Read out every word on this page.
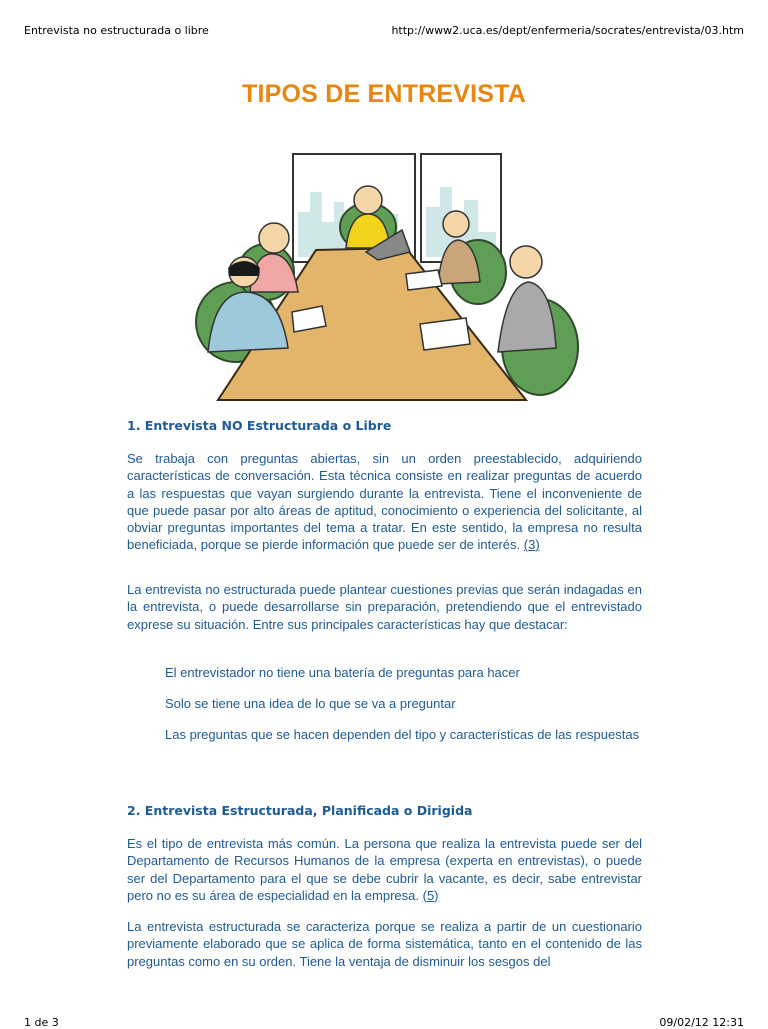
Entrevista no estructurada o libre	http://www2.uca.es/dept/enfermeria/socrates/entrevista/03.htm
TIPOS DE ENTREVISTA
1. Entrevista NO Estructurada o Libre

Se trabaja con preguntas abiertas, sin un orden preestablecido, adquiriendo características de conversación. Esta técnica consiste en realizar preguntas de acuerdo a las respuestas que vayan surgiendo durante la entrevista. Tiene el inconveniente de que puede pasar por alto áreas de aptitud, conocimiento o experiencia del solicitante, al obviar preguntas importantes del tema a tratar. En este sentido, la empresa no resulta beneficiada, porque se pierde información que puede ser de interés. (3)

La entrevista no estructurada puede plantear cuestiones previas que serán indagadas en la entrevista, o puede desarrollarse sin preparación, pretendiendo que el entrevistado exprese su situación. Entre sus principales características hay que destacar:

El entrevistador no tiene una batería de preguntas para hacer

Solo se tiene una idea de lo que se va a preguntar

Las preguntas que se hacen dependen del tipo y características de las respuestas

2. Entrevista Estructurada, Planificada o Dirigida

Es el tipo de entrevista más común. La persona que realiza la entrevista puede ser del Departamento de Recursos Humanos de la empresa (experta en entrevistas), o puede ser del Departamento para el que se debe cubrir la vacante, es decir, sabe entrevistar pero no es su área de especialidad en la empresa. (5)

La entrevista estructurada se caracteriza porque se realiza a partir de un cuestionario previamente elaborado que se aplica de forma sistemática, tanto en el contenido de las preguntas como en su orden. Tiene la ventaja de disminuir los sesgos del

1 de 3	09/02/12 12:31
